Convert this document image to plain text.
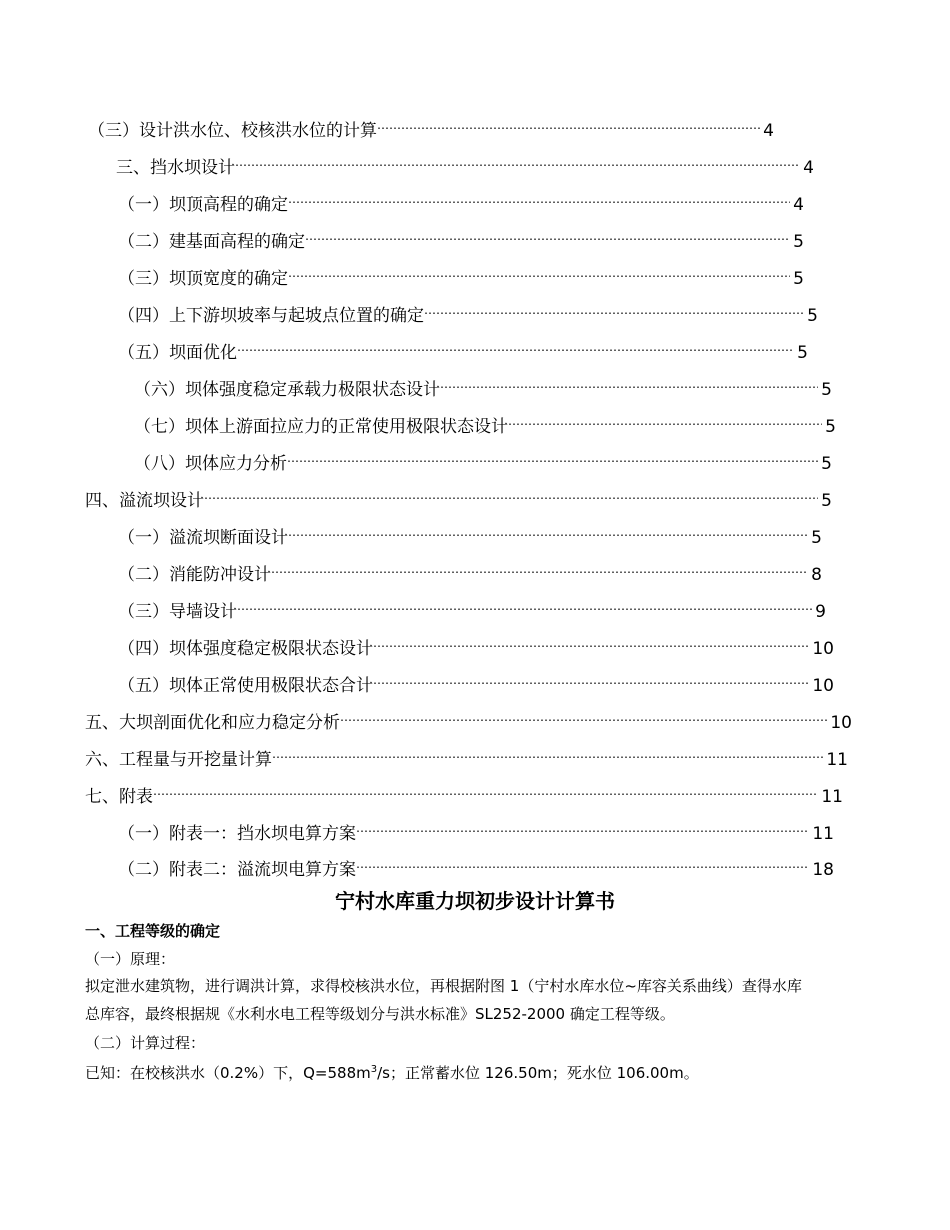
（三）设计洪水位、校核洪水位的计算 ……………………………………………………………………………………………………………………………………………………………………………………………………………………	4
三、挡水坝设计 ……………………………………………………………………………………………………………………………………………………………………………………………………………………	4
（一）坝顶高程的确定 ……………………………………………………………………………………………………………………………………………………………………………………………………………………	4
（二）建基面高程的确定 ……………………………………………………………………………………………………………………………………………………………………………………………………………………	5
（三）坝顶宽度的确定 ……………………………………………………………………………………………………………………………………………………………………………………………………………………	5
（四）上下游坝坡率与起坡点位置的确定 ……………………………………………………………………………………………………………………………………………………………………………………………………………………	5
（五）坝面优化 ……………………………………………………………………………………………………………………………………………………………………………………………………………………	5
（六）坝体强度稳定承载力极限状态设计 ……………………………………………………………………………………………………………………………………………………………………………………………………………………	5
（七）坝体上游面拉应力的正常使用极限状态设计 ……………………………………………………………………………………………………………………………………………………………………………………………………………………	5
（八）坝体应力分析 ……………………………………………………………………………………………………………………………………………………………………………………………………………………	5
四、溢流坝设计 ……………………………………………………………………………………………………………………………………………………………………………………………………………………	5
（一）溢流坝断面设计 ……………………………………………………………………………………………………………………………………………………………………………………………………………………	5
（二）消能防冲设计 ……………………………………………………………………………………………………………………………………………………………………………………………………………………	8
（三）导墙设计 ……………………………………………………………………………………………………………………………………………………………………………………………………………………	9
（四）坝体强度稳定极限状态设计 ……………………………………………………………………………………………………………………………………………………………………………………………………………………	10
（五）坝体正常使用极限状态合计 ……………………………………………………………………………………………………………………………………………………………………………………………………………………	10
五、大坝剖面优化和应力稳定分析 ……………………………………………………………………………………………………………………………………………………………………………………………………………………	10
六、工程量与开挖量计算 ……………………………………………………………………………………………………………………………………………………………………………………………………………………	11
七、附表 ……………………………………………………………………………………………………………………………………………………………………………………………………………………	11
（一）附表一：挡水坝电算方案 ……………………………………………………………………………………………………………………………………………………………………………………………………………………	11
（二）附表二：溢流坝电算方案 ……………………………………………………………………………………………………………………………………………………………………………………………………………………	18
宁村水库重力坝初步设计计算书
一、工程等级的确定
（一）原理：
拟定泄水建筑物，进行调洪计算，求得校核洪水位，再根据附图 1（宁村水库水位~库容关系曲线）查得水库
总库容，最终根据规《水利水电工程等级划分与洪水标准》SL252-2000 确定工程等级。
（二）计算过程：
已知：在校核洪水（0.2%）下，$Q=588m^3/s$；正常蓄水位 126.50m；死水位 106.00m。
